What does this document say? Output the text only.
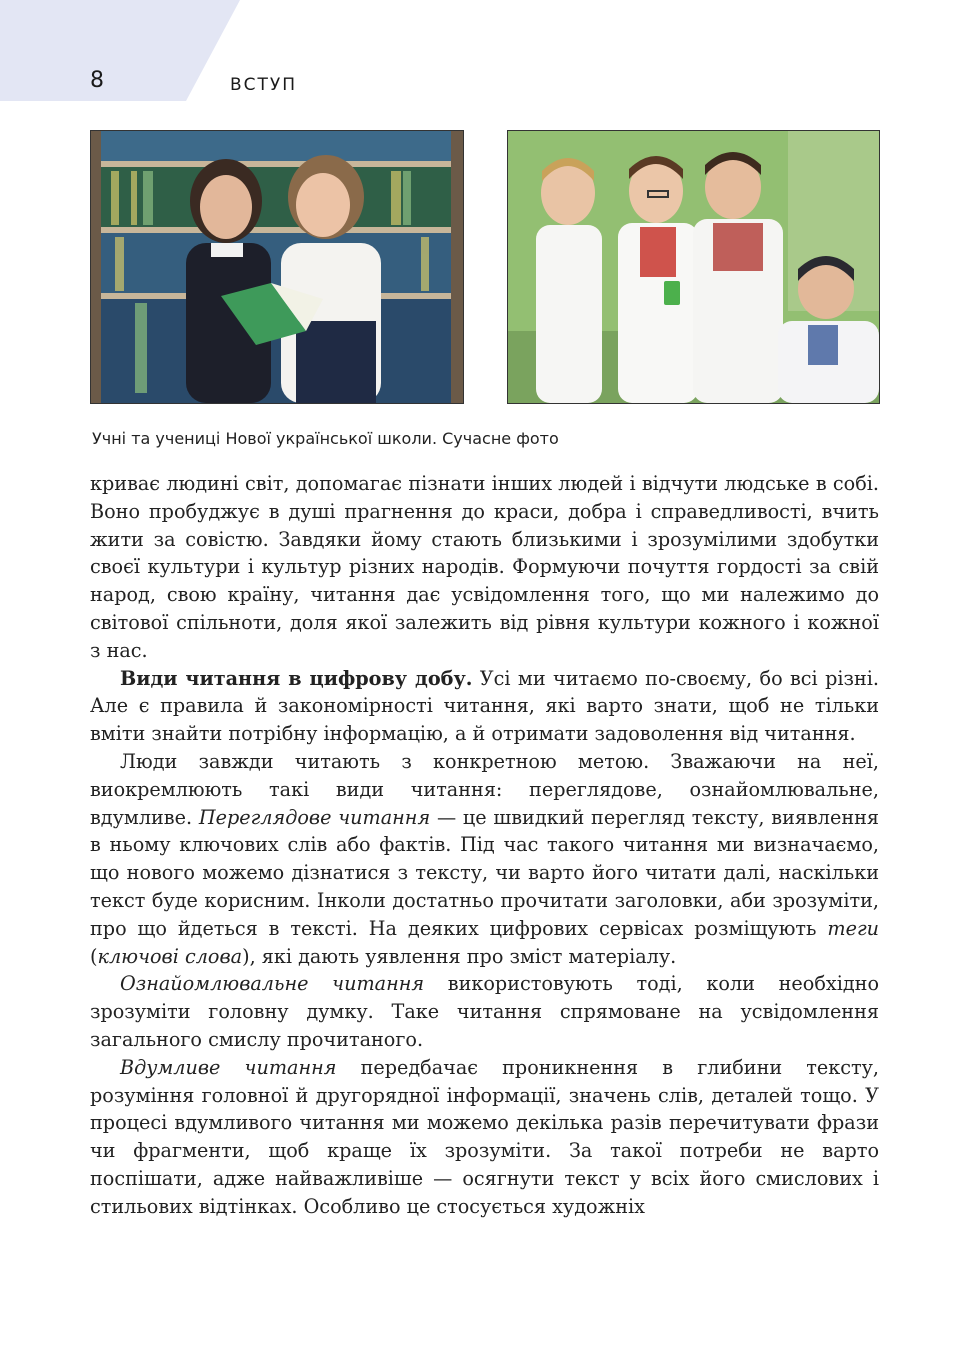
8	ВСТУП
Учні та учениці Нової української школи. Сучасне фото

криває людині світ, допомагає пізнати інших людей і відчути людське в собі. Воно пробуджує в душі прагнення до краси, добра і справедливості, вчить жити за совістю. Завдяки йому стають близькими і зрозумілими здобутки своєї культури і культур різних народів. Формуючи почуття гордості за свій народ, свою країну, читання дає усвідомлення того, що ми належимо до світової спільноти, доля якої залежить від рівня культури кожного і кожної з нас.

Види читання в цифрову добу. Усі ми читаємо по-своєму, бо всі різні. Але є правила й закономірності читання, які варто знати, щоб не тільки вміти знайти потрібну інформацію, а й отримати задоволення від читання.

Люди завжди читають з конкретною метою. Зважаючи на неї, виокремлюють такі види читання: переглядове, ознайомлювальне, вдумливе. Переглядове читання — це швидкий перегляд тексту, виявлення в ньому ключових слів або фактів. Під час такого читання ми визначаємо, що нового можемо дізнатися з тексту, чи варто його читати далі, наскільки текст буде корисним. Інколи достатньо прочитати заголовки, аби зрозуміти, про що йдеться в тексті. На деяких цифрових сервісах розміщують теги (ключові слова), які дають уявлення про зміст матеріалу.

Ознайомлювальне читання використовують тоді, коли необхідно зрозуміти головну думку. Таке читання спрямоване на усвідомлення загального смислу прочитаного.

Вдумливе читання передбачає проникнення в глибини тексту, розуміння головної й другорядної інформації, значень слів, деталей тощо. У процесі вдумливого читання ми можемо декілька разів перечитувати фрази чи фрагменти, щоб краще їх зрозуміти. За такої потреби не варто поспішати, адже найважливіше — осягнути текст у всіх його смислових і стильових відтінках. Особливо це стосується художніх
